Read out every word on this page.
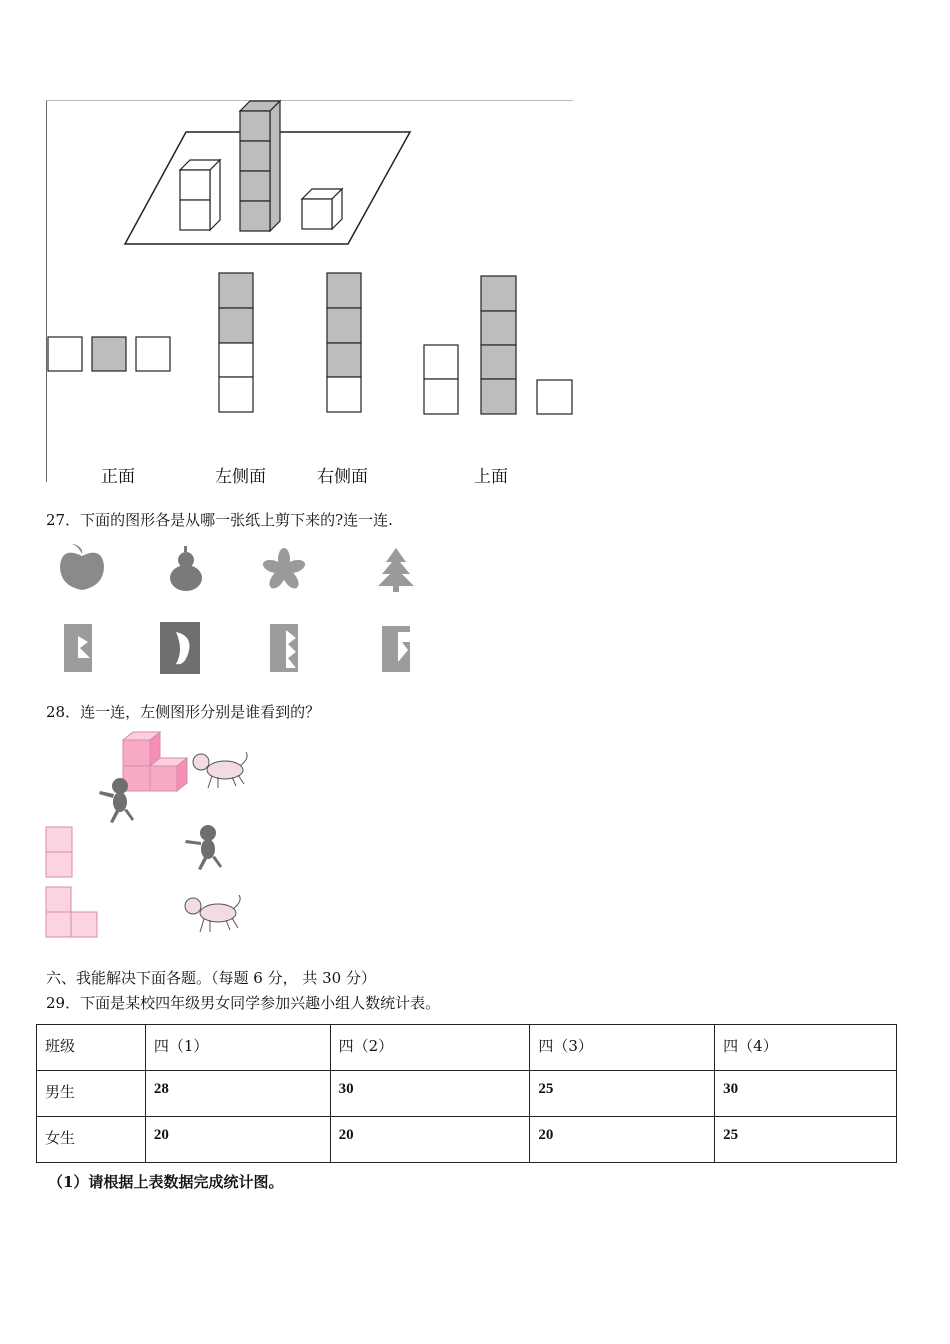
正面	左侧面	右侧面	上面
27．下面的图形各是从哪一张纸上剪下来的?连一连.
28．连一连，左侧图形分别是谁看到的？
六、我能解决下面各题。（每题 6 分， 共 30 分）
29．下面是某校四年级男女同学参加兴趣小组人数统计表。
班级	四（1）	四（2）	四（3）	四（4）
男生	28	30	25	30
女生	20	20	20	25
（1）请根据上表数据完成统计图。
